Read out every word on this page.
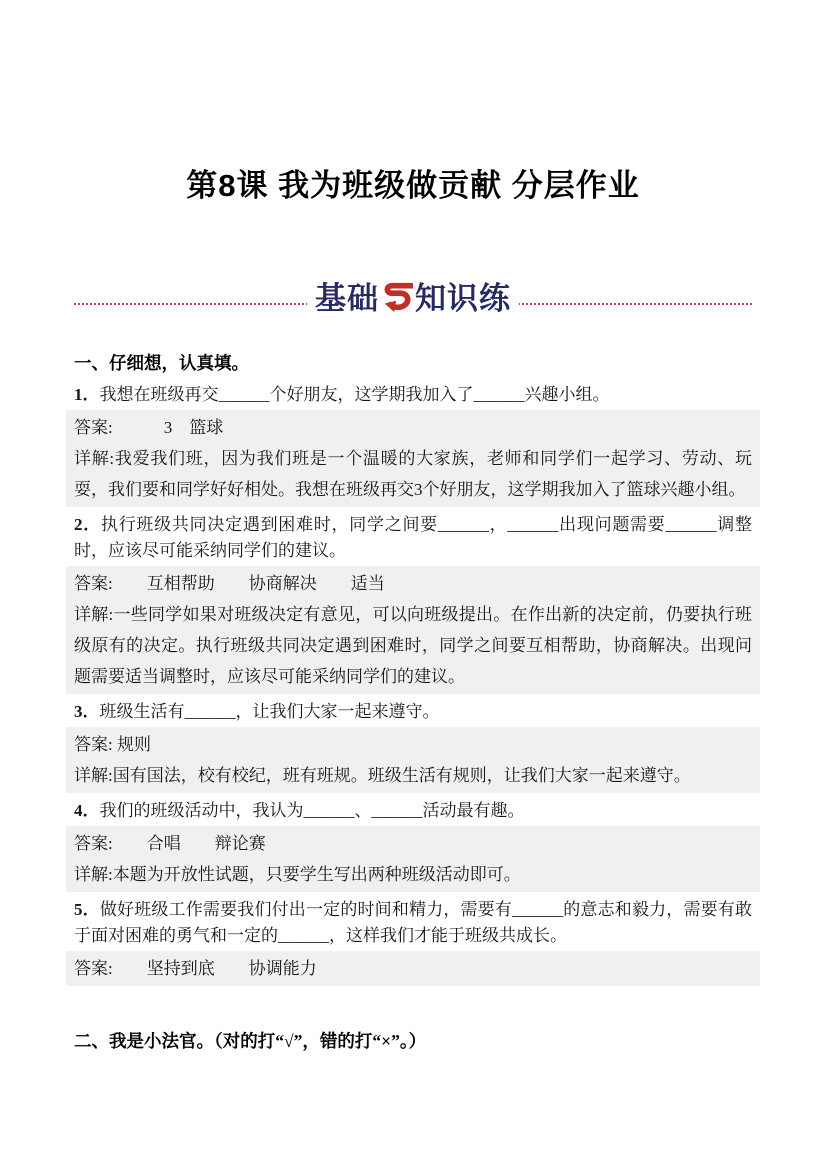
第8课 我为班级做贡献 分层作业
基础 知识练
一、仔细想，认真填。

1．我想在班级再交______个好朋友，这学期我加入了______兴趣小组。

答案:　　　3　篮球

详解:我爱我们班，因为我们班是一个温暖的大家族，老师和同学们一起学习、劳动、玩耍，我们要和同学好好相处。我想在班级再交3个好朋友，这学期我加入了篮球兴趣小组。

2．执行班级共同决定遇到困难时，同学之间要______，______出现问题需要______调整时，应该尽可能采纳同学们的建议。

答案:　　互相帮助　　协商解决　　适当

详解:一些同学如果对班级决定有意见，可以向班级提出。在作出新的决定前，仍要执行班级原有的决定。执行班级共同决定遇到困难时，同学之间要互相帮助，协商解决。出现问题需要适当调整时，应该尽可能采纳同学们的建议。

3．班级生活有______，让我们大家一起来遵守。

答案: 规则

详解:国有国法，校有校纪，班有班规。班级生活有规则，让我们大家一起来遵守。

4．我们的班级活动中，我认为______、______活动最有趣。

答案:　　合唱　　辩论赛

详解:本题为开放性试题，只要学生写出两种班级活动即可。

5．做好班级工作需要我们付出一定的时间和精力，需要有______的意志和毅力，需要有敢于面对困难的勇气和一定的______，这样我们才能于班级共成长。

答案:　　坚持到底　　协调能力

二、我是小法官。（对的打“√”，错的打“×”。）
